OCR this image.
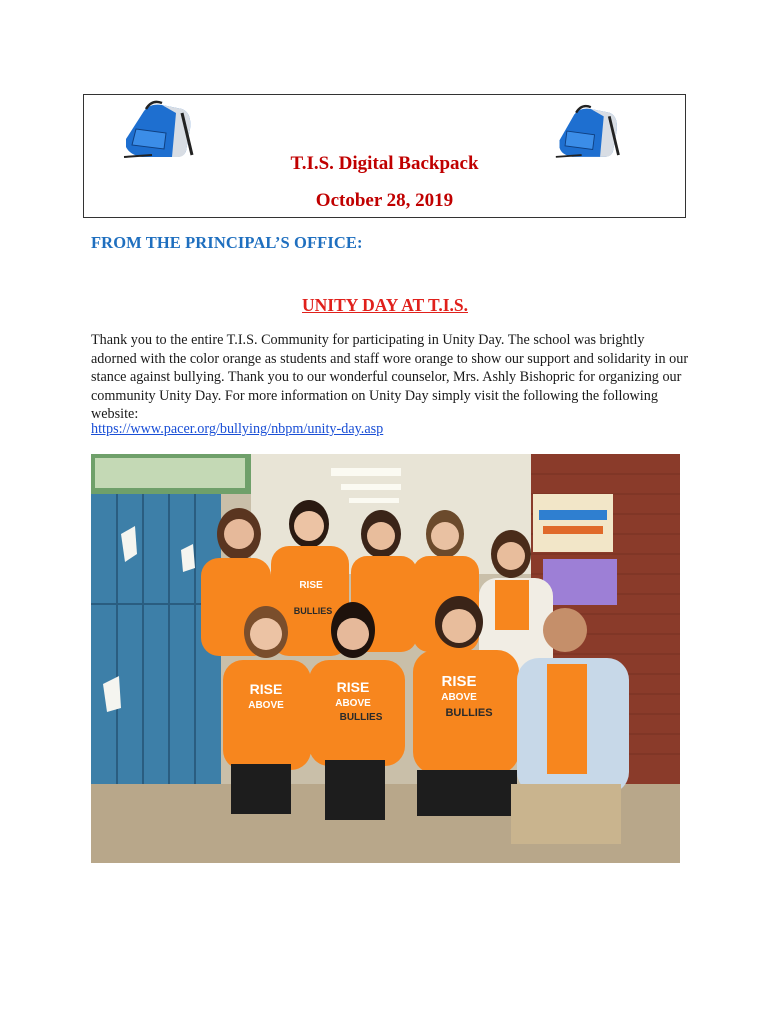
T.I.S. Digital Backpack
October 28, 2019
FROM THE PRINCIPAL’S OFFICE:
UNITY DAY AT T.I.S.
Thank you to the entire T.I.S. Community for participating in Unity Day. The school was brightly adorned with the color orange as students and staff wore orange to show our support and solidarity in our stance against bullying. Thank you to our wonderful counselor, Mrs. Ashly Bishopric for organizing our community Unity Day. For more information on Unity Day simply visit the following the following website:
https://www.pacer.org/bullying/nbpm/unity-day.asp
RISE
ABOVE
RISE
ABOVE
BULLIES
RISE
ABOVE
BULLIES
RISE
BULLIES
